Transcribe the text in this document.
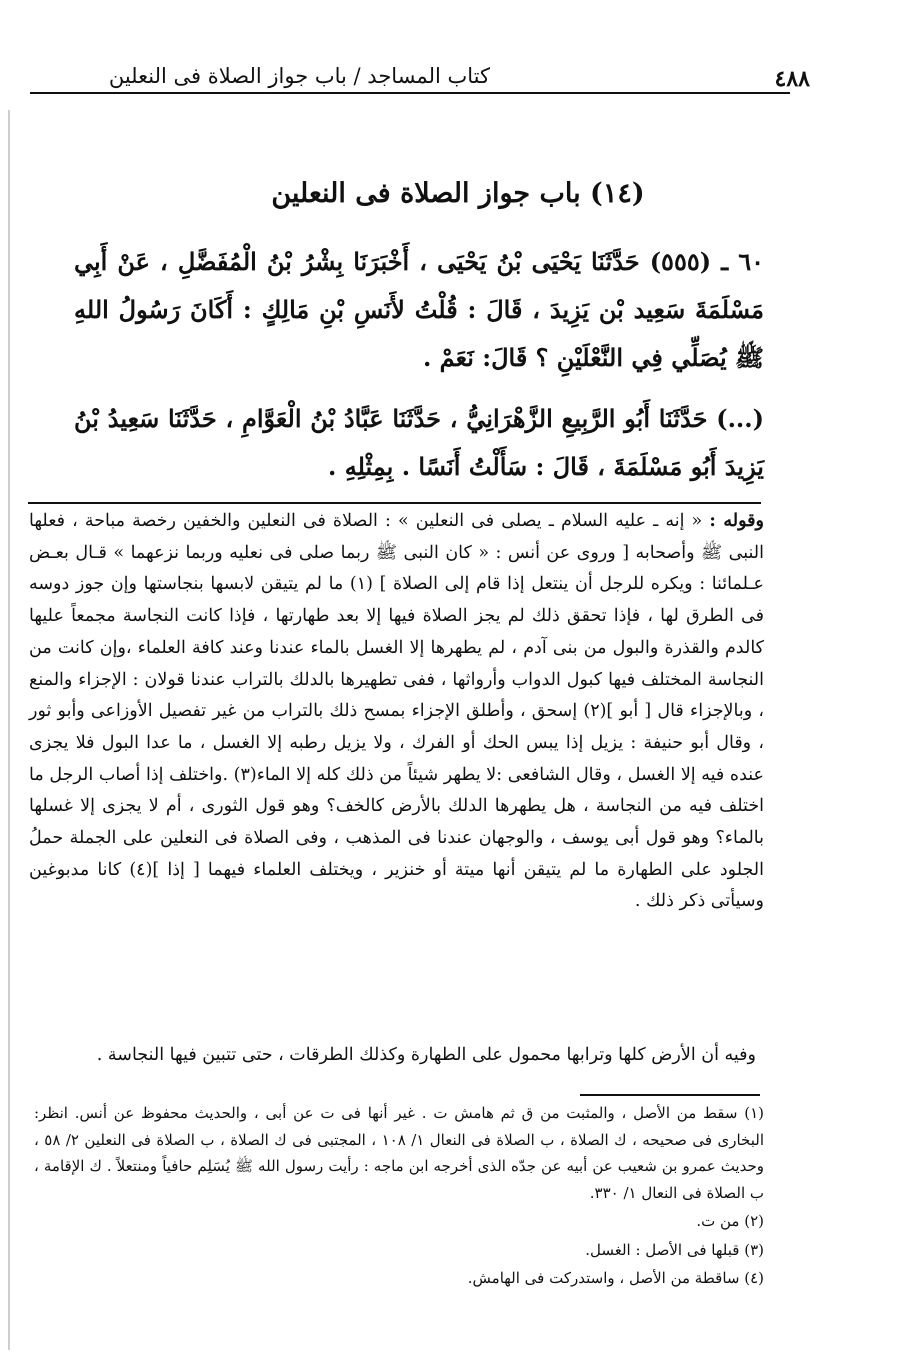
كتاب المساجد / باب جواز الصلاة فى النعلين	٤٨٨
(١٤) باب جواز الصلاة فى النعلين
٦٠ ـ (٥٥٥) حَدَّثَنَا يَحْيَى بْنُ يَحْيَى ، أَخْبَرَنَا بِشْرُ بْنُ الْمُفَضَّلِ ، عَنْ أَبِي مَسْلَمَةَ سَعِيد بْن يَزِيدَ ، قَالَ : قُلْتُ لأَنَسِ بْنِ مَالِكٍ : أَكَانَ رَسُولُ اللهِ ﷺ يُصَلِّي فِي النَّعْلَيْنِ ؟ قَالَ: نَعَمْ .
(...) حَدَّثَنَا أَبُو الرَّبِيعِ الزَّهْرَانِيُّ ، حَدَّثَنَا عَبَّادُ بْنُ الْعَوَّامِ ، حَدَّثَنَا سَعِيدُ بْنُ يَزِيدَ أَبُو مَسْلَمَةَ ، قَالَ : سَأَلْتُ أَنَسًا . بِمِثْلِهِ .
وقوله : « إنه ـ عليه السلام ـ يصلى فى النعلين » : الصلاة فى النعلين والخفين رخصة مباحة ، فعلها النبى ﷺ وأصحابه [ وروى عن أنس : « كان النبى ﷺ ربما صلى فى نعليه وربما نزعهما » قـال بعـض عـلمائنا : ويكره للرجل أن ينتعل إذا قام إلى الصلاة ] (١) ما لم يتيقن لابسها بنجاستها وإن جوز دوسه فى الطرق لها ، فإذا تحقق ذلك لم يجز الصلاة فيها إلا بعد طهارتها ، فإذا كانت النجاسة مجمعاً عليها كالدم والقذرة والبول من بنى آدم ، لم يطهرها إلا الغسل بالماء عندنا وعند كافة العلماء ،وإن كانت من النجاسة المختلف فيها كبول الدواب وأرواثها ، ففى تطهيرها بالدلك بالتراب عندنا قولان : الإجزاء والمنع ، وبالإجزاء قال [ أبو ](٢) إسحق ، وأطلق الإجزاء بمسح ذلك بالتراب من غير تفصيل الأوزاعى وأبو ثور ، وقال أبو حنيفة : يزيل إذا يبس الحك أو الفرك ، ولا يزيل رطبه إلا الغسل ، ما عدا البول فلا يجزى عنده فيه إلا الغسل ، وقال الشافعى :لا يطهر شيئاً من ذلك كله إلا الماء(٣) .واختلف إذا أصاب الرجل ما اختلف فيه من النجاسة ، هل يطهرها الدلك بالأرض كالخف؟ وهو قول الثورى ، أم لا يجزى إلا غسلها بالماء؟ وهو قول أبى يوسف ، والوجهان عندنا فى المذهب ، وفى الصلاة فى النعلين على الجملة حملُ الجلود على الطهارة ما لم يتيقن أنها ميتة أو خنزير ، ويختلف العلماء فيهما [ إذا ](٤) كانا مدبوغين وسيأتى ذكر ذلك .
وفيه أن الأرض كلها وترابها محمول على الطهارة وكذلك الطرقات ، حتى تتبين فيها النجاسة .

(١) سقط من الأصل ، والمثبت من ق ثم هامش ت . غير أنها فى ت عن أبى ، والحديث محفوظ عن أنس. انظر: البخارى فى صحيحه ، ك الصلاة ، ب الصلاة فى النعال ١/ ١٠٨ ، المجتبى فى ك الصلاة ، ب الصلاة فى النعلين ٢/ ٥٨ ، وحديث عمرو بن شعيب عن أبيه عن جدّه الذى أخرجه ابن ماجه : رأيت رسول الله ﷺ يُسَلِم حافياً ومنتعلاً . ك الإقامة ، ب الصلاة فى النعال ١/ ٣٣٠.

(٢) من ت.

(٣) قبلها فى الأصل : الغسل.

(٤) ساقطة من الأصل ، واستدركت فى الهامش.
